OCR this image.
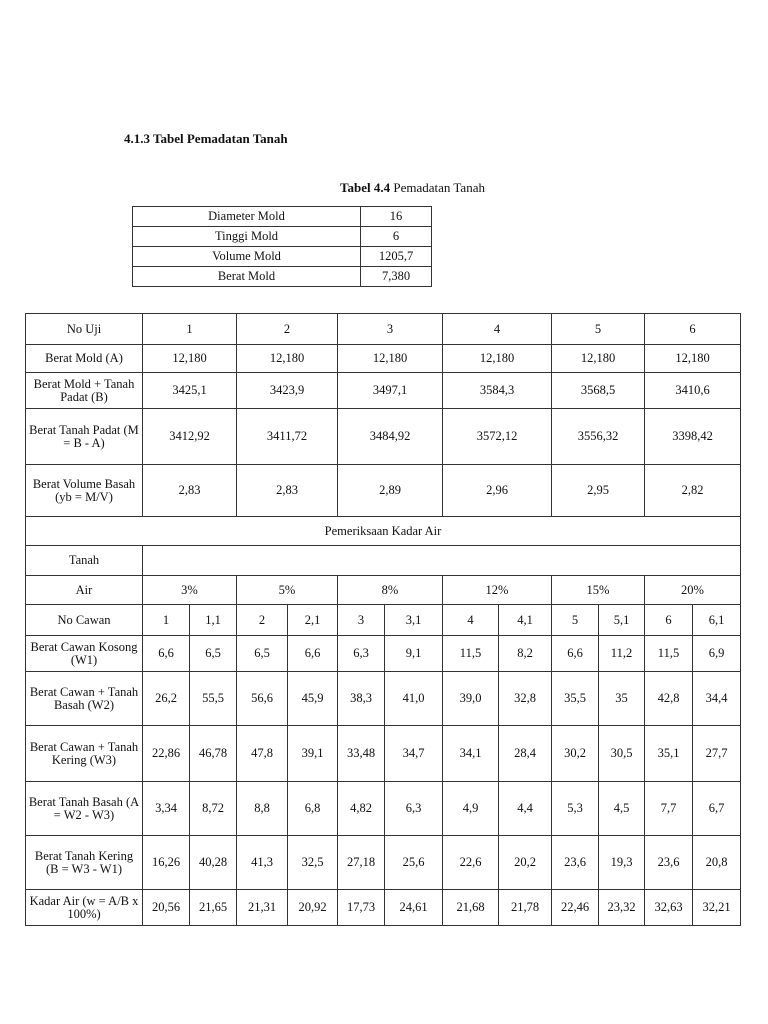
4.1.3 Tabel Pemadatan Tanah
Tabel 4.4 Pemadatan Tanah
Diameter Mold	16
Tinggi Mold	6
Volume Mold	1205,7
Berat Mold	7,380
No Uji	1		2		3		4		5		6	
Berat Mold (A)	12,180		12,180		12,180		12,180		12,180		12,180	
Berat Mold + Tanah Padat (B)	3425,1		3423,9		3497,1		3584,3		3568,5		3410,6	
Berat Tanah Padat (M = B - A)	3412,92		3411,72		3484,92		3572,12		3556,32		3398,42	
Berat Volume Basah (yb = M/V)	2,83		2,83		2,89		2,96		2,95		2,82	
Pemeriksaan Kadar Air												
Tanah												
Air	3%		5%		8%		12%		15%		20%	
No Cawan	1	1,1	2	2,1	3	3,1	4	4,1	5	5,1	6	6,1
Berat Cawan Kosong (W1)	6,6	6,5	6,5	6,6	6,3	9,1	11,5	8,2	6,6	11,2	11,5	6,9
Berat Cawan + Tanah Basah (W2)	26,2	55,5	56,6	45,9	38,3	41,0	39,0	32,8	35,5	35	42,8	34,4
Berat Cawan + Tanah Kering (W3)	22,86	46,78	47,8	39,1	33,48	34,7	34,1	28,4	30,2	30,5	35,1	27,7
Berat Tanah Basah (A = W2 - W3)	3,34	8,72	8,8	6,8	4,82	6,3	4,9	4,4	5,3	4,5	7,7	6,7
Berat Tanah Kering (B = W3 - W1)	16,26	40,28	41,3	32,5	27,18	25,6	22,6	20,2	23,6	19,3	23,6	20,8
Kadar Air (w = A/B x 100%)	20,56	21,65	21,31	20,92	17,73	24,61	21,68	21,78	22,46	23,32	32,63	32,21
